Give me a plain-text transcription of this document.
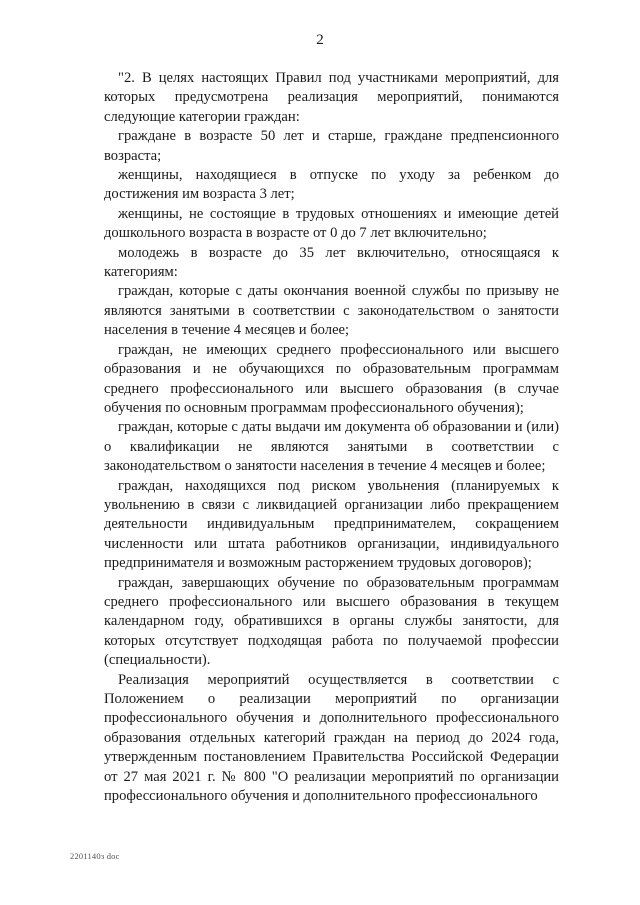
2

"2. В целях настоящих Правил под участниками мероприятий, для которых предусмотрена реализация мероприятий, понимаются следующие категории граждан:

граждане в возрасте 50 лет и старше, граждане предпенсионного возраста;

женщины, находящиеся в отпуске по уходу за ребенком до достижения им возраста 3 лет;

женщины, не состоящие в трудовых отношениях и имеющие детей дошкольного возраста в возрасте от 0 до 7 лет включительно;

молодежь в возрасте до 35 лет включительно, относящаяся к категориям:

граждан, которые с даты окончания военной службы по призыву не являются занятыми в соответствии с законодательством о занятости населения в течение 4 месяцев и более;

граждан, не имеющих среднего профессионального или высшего образования и не обучающихся по образовательным программам среднего профессионального или высшего образования (в случае обучения по основным программам профессионального обучения);

граждан, которые с даты выдачи им документа об образовании и (или) о квалификации не являются занятыми в соответствии с законодательством о занятости населения в течение 4 месяцев и более;

граждан, находящихся под риском увольнения (планируемых к увольнению в связи с ликвидацией организации либо прекращением деятельности индивидуальным предпринимателем, сокращением численности или штата работников организации, индивидуального предпринимателя и возможным расторжением трудовых договоров);

граждан, завершающих обучение по образовательным программам среднего профессионального или высшего образования в текущем календарном году, обратившихся в органы службы занятости, для которых отсутствует подходящая работа по получаемой профессии (специальности).

Реализация мероприятий осуществляется в соответствии с Положением о реализации мероприятий по организации профессионального обучения и дополнительного профессионального образования отдельных категорий граждан на период до 2024 года, утвержденным постановлением Правительства Российской Федерации от 27 мая 2021 г. № 800 "О реализации мероприятий по организации профессионального обучения и дополнительного профессионального

2201140з doc
